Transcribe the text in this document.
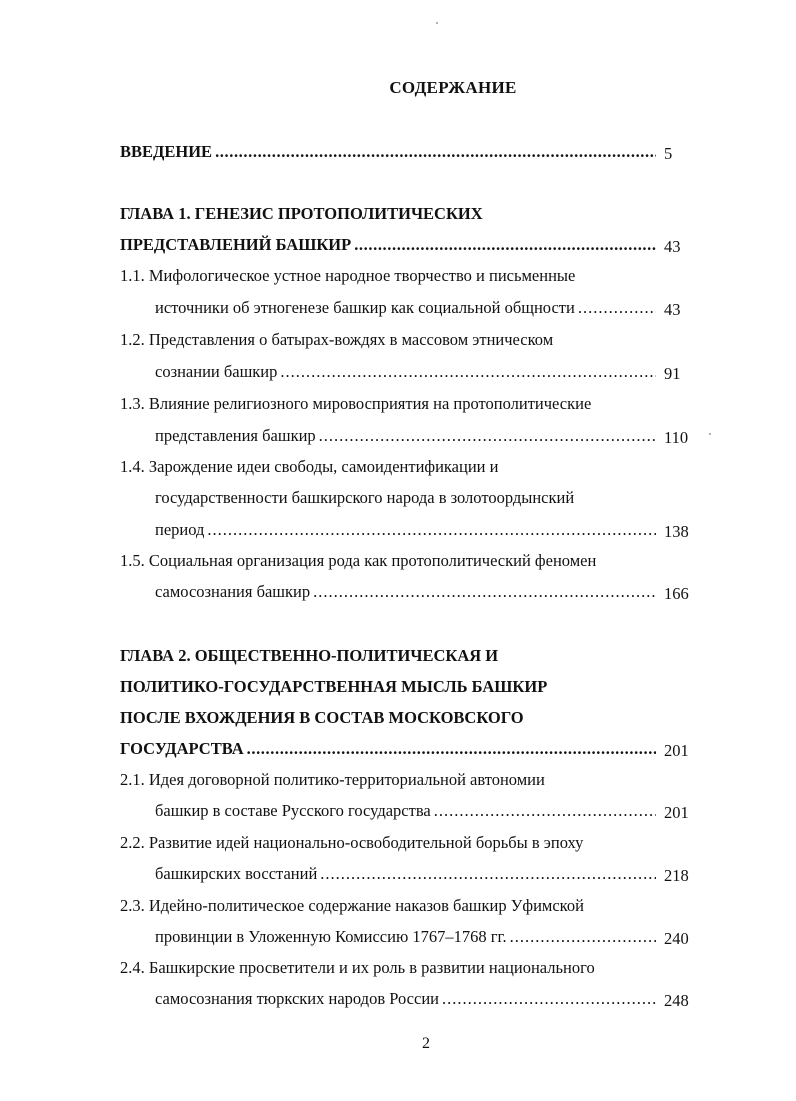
СОДЕРЖАНИЕ
ВВЕДЕНИЕ .....	5
ГЛАВА 1. ГЕНЕЗИС ПРОТОПОЛИТИЧЕСКИХ
ПРЕДСТАВЛЕНИЙ БАШКИР .....	43
1.1. Мифологическое устное народное творчество и письменные
источники об этногенезе башкир как социальной общности .....	43
1.2. Представления о батырах-вождях в массовом этническом
сознании башкир .....	91
1.3. Влияние религиозного мировосприятия на протополитические
представления башкир .....	110
1.4. Зарождение идеи свободы, самоидентификации и
государственности башкирского народа в золотоордынский
период .....	138
1.5. Социальная организация рода как протополитический феномен
самосознания башкир .....	166
ГЛАВА 2. ОБЩЕСТВЕННО-ПОЛИТИЧЕСКАЯ И
ПОЛИТИКО-ГОСУДАРСТВЕННАЯ МЫСЛЬ БАШКИР
ПОСЛЕ ВХОЖДЕНИЯ В СОСТАВ МОСКОВСКОГО
ГОСУДАРСТВА .....	201
2.1. Идея договорной политико-территориальной автономии
башкир в составе Русского государства .....	201
2.2. Развитие идей национально-освободительной борьбы в эпоху
башкирских восстаний .....	218
2.3. Идейно-политическое содержание наказов башкир Уфимской
провинции в Уложенную Комиссию 1767–1768 гг. .....	240
2.4. Башкирские просветители и их роль в развитии национального
самосознания тюркских народов России .....	248
2
